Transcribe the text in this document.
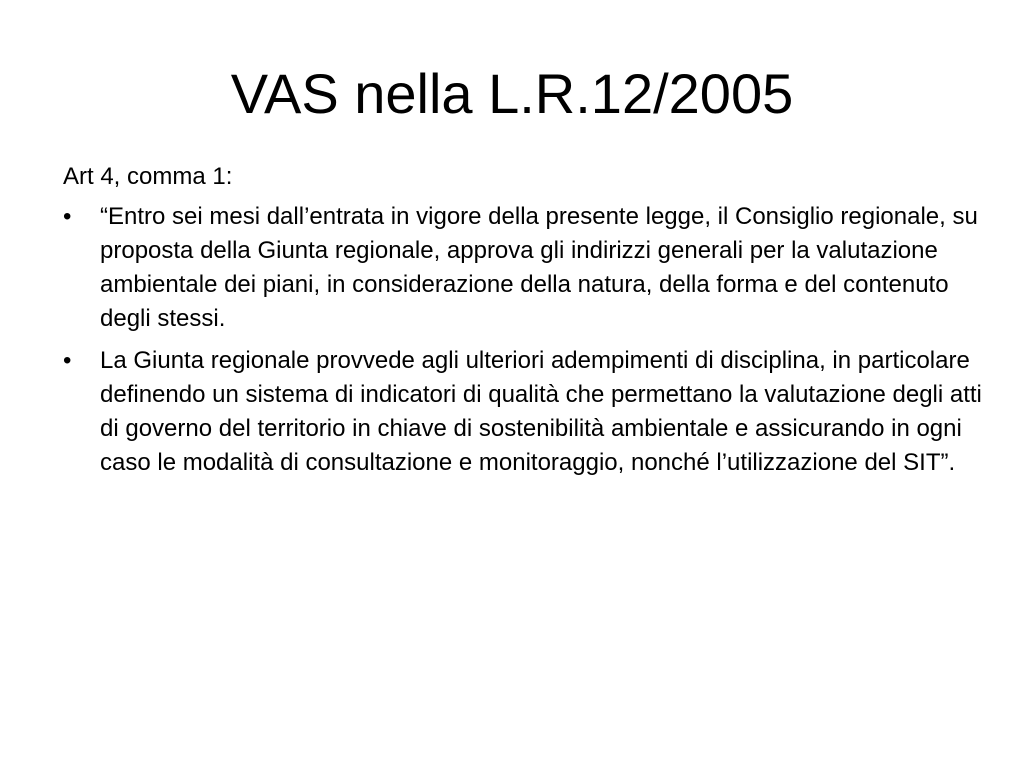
VAS nella L.R.12/2005

Art 4, comma 1:

•	“Entro sei mesi dall’entrata in vigore della presente legge, il Consiglio regionale, su proposta della Giunta regionale, approva gli indirizzi generali per la valutazione ambientale dei piani, in considerazione della natura, della forma e del contenuto degli stessi.
•	La Giunta regionale provvede agli ulteriori adempimenti di disciplina, in particolare definendo un sistema di indicatori di qualità che permettano la valutazione degli atti di governo del territorio in chiave di sostenibilità ambientale e assicurando in ogni caso le modalità di consultazione e monitoraggio, nonché l’utilizzazione del SIT”.
